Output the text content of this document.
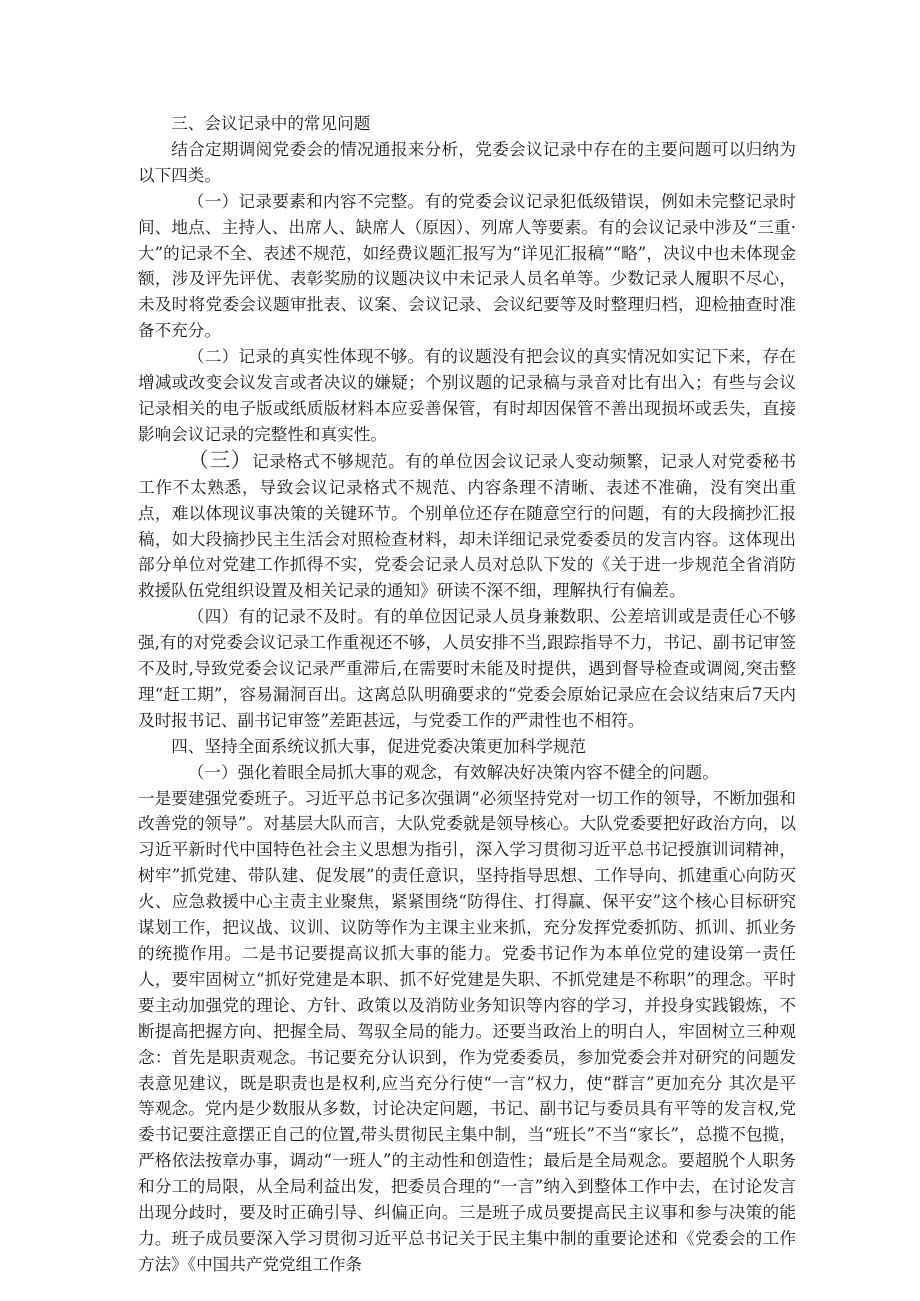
三、会议记录中的常见问题

结合定期调阅党委会的情况通报来分析，党委会议记录中存在的主要问题可以归纳为以下四类。

（一）记录要素和内容不完整。有的党委会议记录犯低级错误，例如未完整记录时间、地点、主持人、出席人、缺席人（原因）、列席人等要素。有的会议记录中涉及“三重·大”的记录不全、表述不规范，如经费议题汇报写为“详见汇报稿”“略”，决议中也未体现金额，涉及评先评优、表彰奖励的议题决议中未记录人员名单等。少数记录人履职不尽心，未及时将党委会议题审批表、议案、会议记录、会议纪要等及时整理归档，迎检抽查时准备不充分。

（二）记录的真实性体现不够。有的议题没有把会议的真实情况如实记下来，存在增减或改变会议发言或者决议的嫌疑；个别议题的记录稿与录音对比有出入；有些与会议记录相关的电子版或纸质版材料本应妥善保管，有时却因保管不善出现损坏或丢失，直接影响会议记录的完整性和真实性。

（三）记录格式不够规范。有的单位因会议记录人变动频繁，记录人对党委秘书工作不太熟悉，导致会议记录格式不规范、内容条理不清晰、表述不准确，没有突出重点，难以体现议事决策的关键环节。个别单位还存在随意空行的问题，有的大段摘抄汇报稿，如大段摘抄民主生活会对照检查材料，却未详细记录党委委员的发言内容。这体现出部分单位对党建工作抓得不实，党委会记录人员对总队下发的《关于进一步规范全省消防救援队伍党组织设置及相关记录的通知》研读不深不细，理解执行有偏差。

（四）有的记录不及时。有的单位因记录人员身兼数职、公差培训或是责任心不够强,有的对党委会议记录工作重视还不够，人员安排不当,跟踪指导不力，书记、副书记审签不及时,导致党委会议记录严重滞后,在需要时未能及时提供，遇到督导检查或调阅,突击整理“赶工期”，容易漏洞百出。这离总队明确要求的“党委会原始记录应在会议结束后7天内及时报书记、副书记审签”差距甚远，与党委工作的严肃性也不相符。

四、坚持全面系统议抓大事，促进党委决策更加科学规范

（一）强化着眼全局抓大事的观念，有效解决好决策内容不健全的问题。

一是要建强党委班子。习近平总书记多次强调“必须坚持党对一切工作的领导，不断加强和改善党的领导”。对基层大队而言，大队党委就是领导核心。大队党委要把好政治方向，以习近平新时代中国特色社会主义思想为指引，深入学习贯彻习近平总书记授旗训词精神，树牢”抓党建、带队建、促发展”的责任意识，坚持指导思想、工作导向、抓建重心向防灭火、应急救援中心主责主业聚焦，紧紧围绕“防得住、打得赢、保平安”这个核心目标研究谋划工作，把议战、议训、议防等作为主课主业来抓，充分发挥党委抓防、抓训、抓业务的统揽作用。二是书记要提高议抓大事的能力。党委书记作为本单位党的建设第一责任人，要牢固树立“抓好党建是本职、抓不好党建是失职、不抓党建是不称职”的理念。平时要主动加强党的理论、方针、政策以及消防业务知识等内容的学习，并投身实践锻炼，不断提高把握方向、把握全局、驾驭全局的能力。还要当政治上的明白人，牢固树立三种观念：首先是职责观念。书记要充分认识到，作为党委委员，参加党委会并对研究的问题发表意见建议，既是职责也是权利,应当充分行使“一言”权力，使“群言”更加充分 其次是平等观念。党内是少数服从多数，讨论决定问题，书记、副书记与委员具有平等的发言权,党委书记要注意摆正自己的位置,带头贯彻民主集中制，当“班长”不当“家长”，总揽不包揽，严格依法按章办事，调动“一班人”的主动性和创造性；最后是全局观念。要超脱个人职务和分工的局限，从全局利益出发，把委员合理的“一言”纳入到整体工作中去，在讨论发言出现分歧时，要及时正确引导、纠偏正向。三是班子成员要提高民主议事和参与决策的能力。班子成员要深入学习贯彻习近平总书记关于民主集中制的重要论述和《党委会的工作方法》《中国共产党党组工作条
